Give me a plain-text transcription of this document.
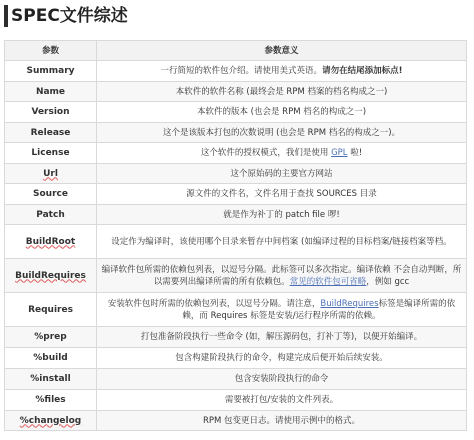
SPEC文件综述
参数	参数意义
Summary	一行简短的软件包介绍。请使用美式英语。请勿在结尾添加标点!
Name	本软件的软件名称 (最终会是 RPM 档案的档名构成之一)
Version	本软件的版本 (也会是 RPM 档名的构成之一)
Release	这个是该版本打包的次数说明 (也会是 RPM 档名的构成之一)。
License	这个软件的授权模式，我们是使用 GPL 啦!
Url	这个原始码的主要官方网站
Source	源文件的文件名，文件名用于查找 SOURCES 目录
Patch	就是作为补丁的 patch file 啰!
BuildRoot	设定作为编译时，该使用哪个目录来暂存中间档案 (如编译过程的目标档案/链接档案等档。
BuildRequires	编译软件包所需的依赖包列表，以逗号分隔。此标签可以多次指定。编译依赖 不会自动判断，所以需要列出编译所需的所有依赖包。常见的软件包可省略，例如 gcc
Requires	安装软件包时所需的依赖包列表，以逗号分隔。请注意，BuildRequires标签是编译所需的依赖，而 Requires 标签是安装/运行程序所需的依赖。
%prep	打包准备阶段执行一些命令 (如，解压源码包，打补丁等)，以便开始编译。
%build	包含构建阶段执行的命令，构建完成后便开始后续安装。
%install	包含安装阶段执行的命令
%files	需要被打包/安装的文件列表。
%changelog	RPM 包变更日志。请使用示例中的格式。
